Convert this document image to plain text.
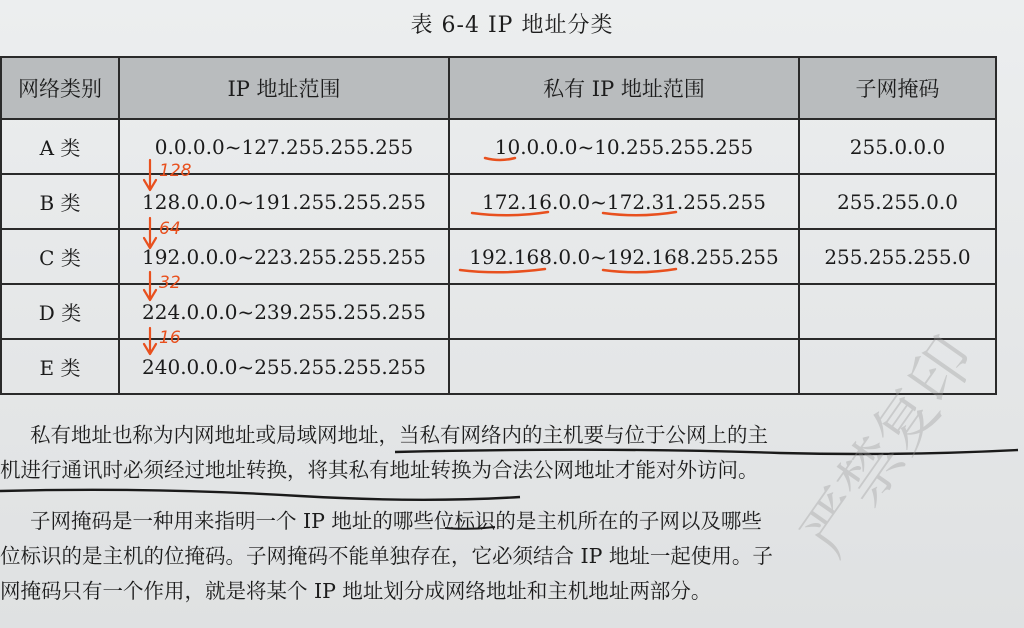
表 6-4 IP 地址分类
网络类别	IP 地址范围	私有 IP 地址范围	子网掩码
A 类	0.0.0.0~127.255.255.255	10.0.0.0~10.255.255.255	255.0.0.0
B 类	128.0.0.0~191.255.255.255	172.16.0.0~172.31.255.255	255.255.0.0
C 类	192.0.0.0~223.255.255.255	192.168.0.0~192.168.255.255	255.255.255.0
D 类	224.0.0.0~239.255.255.255		
E 类	240.0.0.0~255.255.255.255		
私有地址也称为内网地址或局域网地址，当私有网络内的主机要与位于公网上的主
机进行通讯时必须经过地址转换，将其私有地址转换为合法公网地址才能对外访问。
子网掩码是一种用来指明一个 IP 地址的哪些位标识的是主机所在的子网以及哪些
位标识的是主机的位掩码。子网掩码不能单独存在，它必须结合 IP 地址一起使用。子
网掩码只有一个作用，就是将某个 IP 地址划分成网络地址和主机地址两部分。
128
64
32
16	严禁复印
